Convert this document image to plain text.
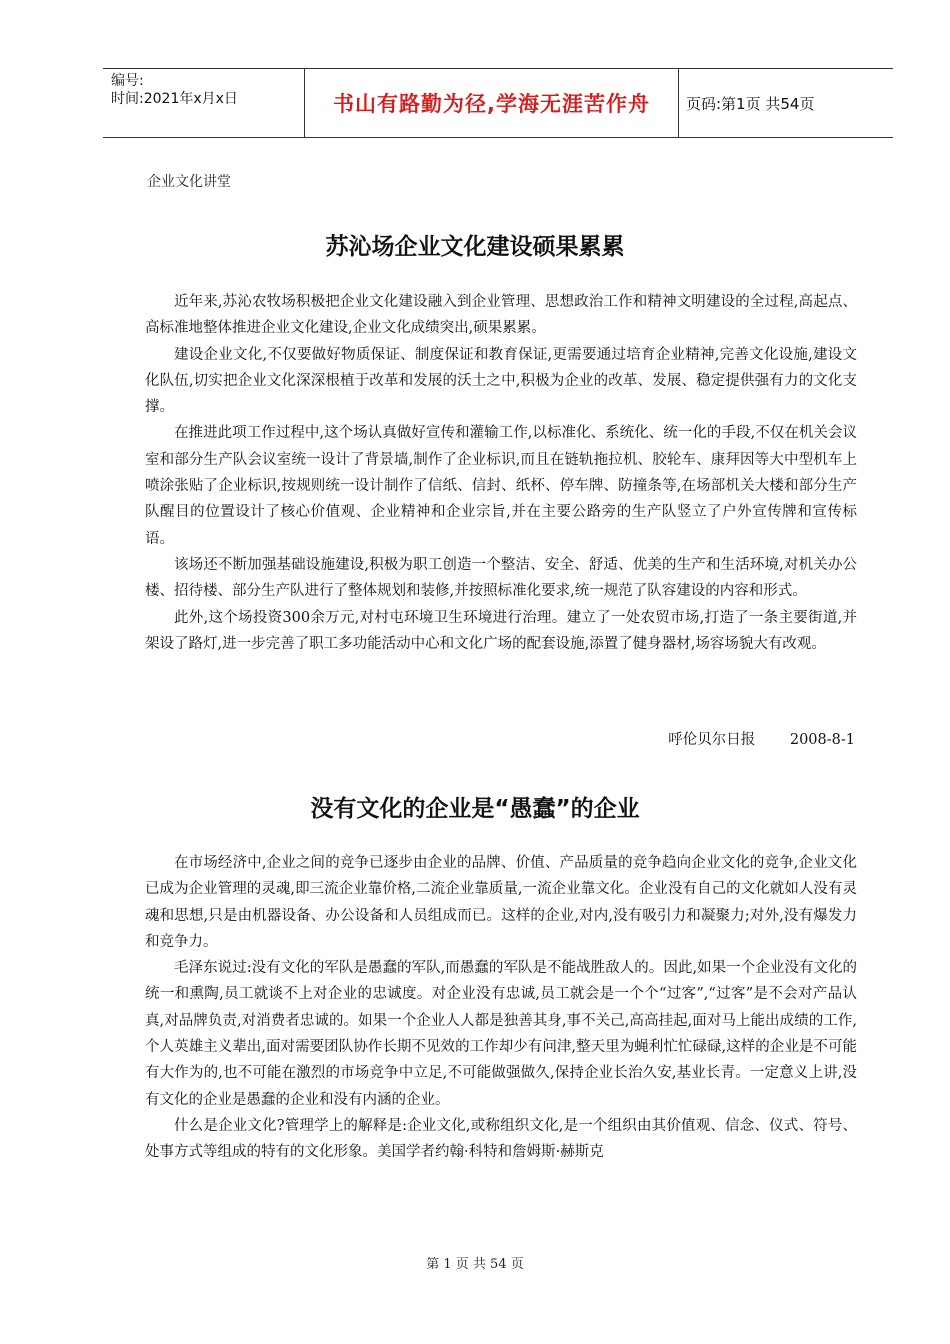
编号:
时间:2021年x月x日	书山有路勤为径,学海无涯苦作舟	页码:第1页 共54页
企业文化讲堂
苏沁场企业文化建设硕果累累

近年来,苏沁农牧场积极把企业文化建设融入到企业管理、思想政治工作和精神文明建设的全过程,高起点、高标准地整体推进企业文化建设,企业文化成绩突出,硕果累累。

建设企业文化,不仅要做好物质保证、制度保证和教育保证,更需要通过培育企业精神,完善文化设施,建设文化队伍,切实把企业文化深深根植于改革和发展的沃土之中,积极为企业的改革、发展、稳定提供强有力的文化支撑。

在推进此项工作过程中,这个场认真做好宣传和灌输工作,以标准化、系统化、统一化的手段,不仅在机关会议室和部分生产队会议室统一设计了背景墙,制作了企业标识,而且在链轨拖拉机、胶轮车、康拜因等大中型机车上喷涂张贴了企业标识,按规则统一设计制作了信纸、信封、纸杯、停车牌、防撞条等,在场部机关大楼和部分生产队醒目的位置设计了核心价值观、企业精神和企业宗旨,并在主要公路旁的生产队竖立了户外宣传牌和宣传标语。

该场还不断加强基础设施建设,积极为职工创造一个整洁、安全、舒适、优美的生产和生活环境,对机关办公楼、招待楼、部分生产队进行了整体规划和装修,并按照标准化要求,统一规范了队容建设的内容和形式。

此外,这个场投资300余万元,对村屯环境卫生环境进行治理。建立了一处农贸市场,打造了一条主要街道,并架设了路灯,进一步完善了职工多功能活动中心和文化广场的配套设施,添置了健身器材,场容场貌大有改观。

呼伦贝尔日报 2008-8-1
没有文化的企业是“愚蠢”的企业

在市场经济中,企业之间的竞争已逐步由企业的品牌、价值、产品质量的竞争趋向企业文化的竞争,企业文化已成为企业管理的灵魂,即三流企业靠价格,二流企业靠质量,一流企业靠文化。企业没有自己的文化就如人没有灵魂和思想,只是由机器设备、办公设备和人员组成而已。这样的企业,对内,没有吸引力和凝聚力;对外,没有爆发力和竞争力。

毛泽东说过:没有文化的军队是愚蠢的军队,而愚蠢的军队是不能战胜敌人的。因此,如果一个企业没有文化的统一和熏陶,员工就谈不上对企业的忠诚度。对企业没有忠诚,员工就会是一个个“过客”,“过客”是不会对产品认真,对品牌负责,对消费者忠诚的。如果一个企业人人都是独善其身,事不关己,高高挂起,面对马上能出成绩的工作,个人英雄主义辈出,面对需要团队协作长期不见效的工作却少有问津,整天里为蝇利忙忙碌碌,这样的企业是不可能有大作为的,也不可能在激烈的市场竞争中立足,不可能做强做久,保持企业长治久安,基业长青。一定意义上讲,没有文化的企业是愚蠢的企业和没有内涵的企业。

什么是企业文化?管理学上的解释是:企业文化,或称组织文化,是一个组织由其价值观、信念、仪式、符号、处事方式等组成的特有的文化形象。美国学者约翰·科特和詹姆斯·赫斯克

第 1 页 共 54 页
